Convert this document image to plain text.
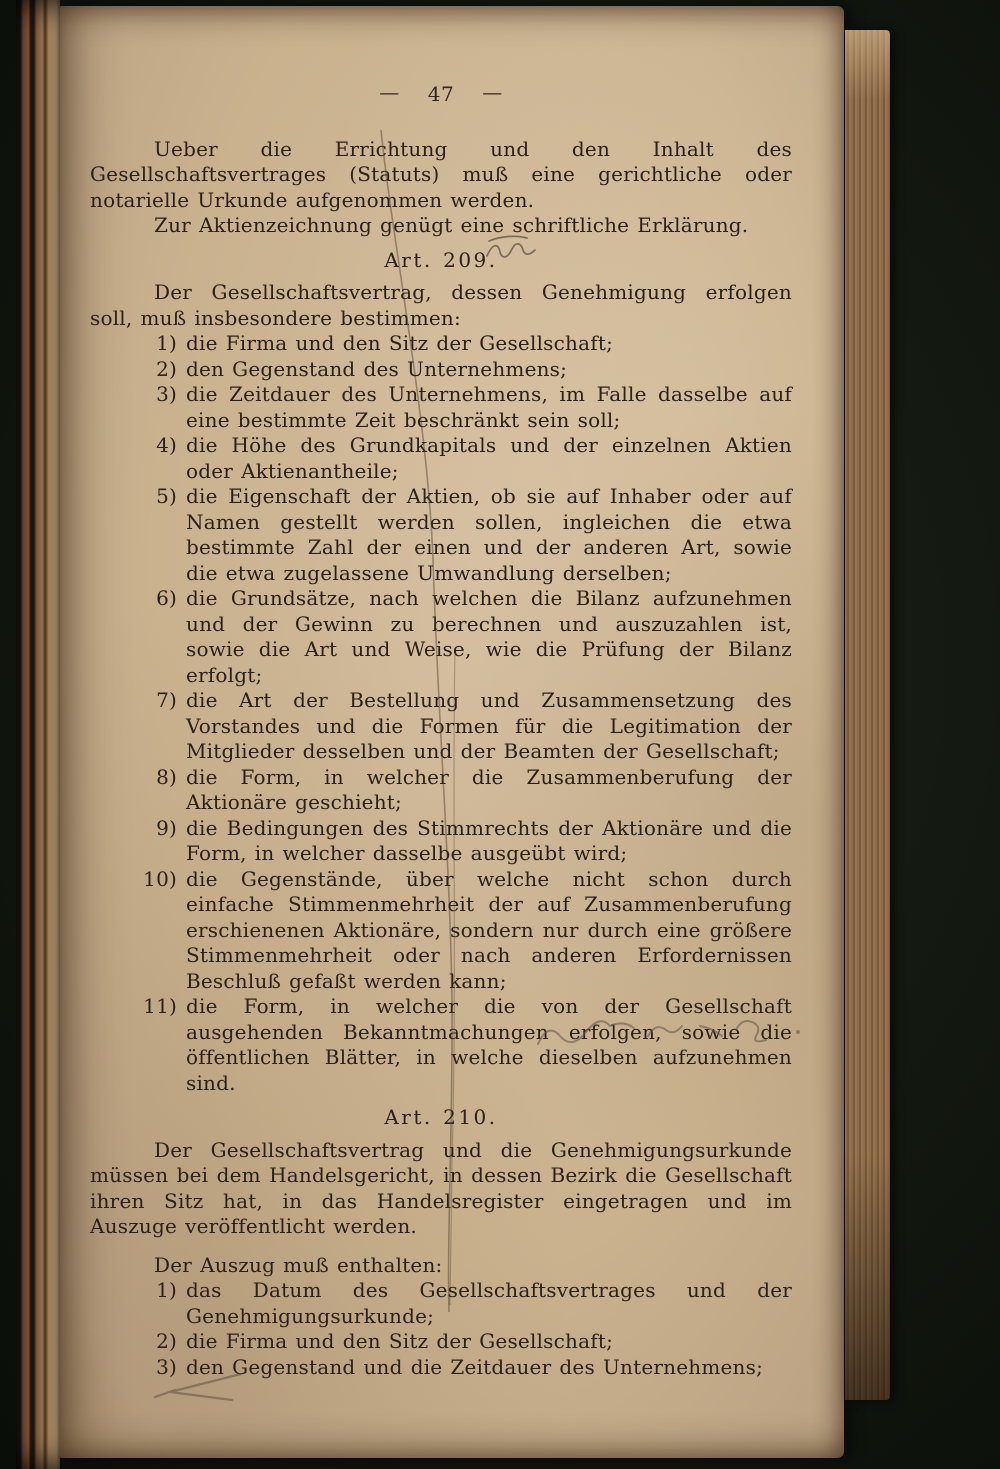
— 47 —

Ueber die Errichtung und den Inhalt des Gesellschaftsvertrages (Statuts) muß eine gerichtliche oder notarielle Urkunde aufgenommen werden.

Zur Aktienzeichnung genügt eine schriftliche Erklärung.

Art. 209.

Der Gesellschaftsvertrag, dessen Genehmigung erfolgen soll, muß insbesondere bestimmen:

1) die Firma und den Sitz der Gesellschaft;
2) den Gegenstand des Unternehmens;
3) die Zeitdauer des Unternehmens, im Falle dasselbe auf eine bestimmte Zeit beschränkt sein soll;
4) die Höhe des Grundkapitals und der einzelnen Aktien oder Aktienantheile;
5) die Eigenschaft der Aktien, ob sie auf Inhaber oder auf Namen gestellt werden sollen, ingleichen die etwa bestimmte Zahl der einen und der anderen Art, sowie die etwa zugelassene Umwandlung derselben;
6) die Grundsätze, nach welchen die Bilanz aufzunehmen und der Gewinn zu berechnen und auszuzahlen ist, sowie die Art und Weise, wie die Prüfung der Bilanz erfolgt;
7) die Art der Bestellung und Zusammensetzung des Vorstandes und die Formen für die Legitimation der Mitglieder desselben und der Beamten der Gesellschaft;
8) die Form, in welcher die Zusammenberufung der Aktionäre geschieht;
9) die Bedingungen des Stimmrechts der Aktionäre und die Form, in welcher dasselbe ausgeübt wird;
10) die Gegenstände, über welche nicht schon durch einfache Stimmenmehrheit der auf Zusammenberufung erschienenen Aktionäre, sondern nur durch eine größere Stimmenmehrheit oder nach anderen Erfordernissen Beschluß gefaßt werden kann;
11) die Form, in welcher die von der Gesellschaft ausgehenden Bekanntmachungen erfolgen, sowie die öffentlichen Blätter, in welche dieselben aufzunehmen sind.
Art. 210.

Der Gesellschaftsvertrag und die Genehmigungsurkunde müssen bei dem Handelsgericht, in dessen Bezirk die Gesellschaft ihren Sitz hat, in das Handelsregister eingetragen und im Auszuge veröffentlicht werden.

Der Auszug muß enthalten:

1) das Datum des Gesellschaftsvertrages und der Genehmigungsurkunde;
2) die Firma und den Sitz der Gesellschaft;
3) den Gegenstand und die Zeitdauer des Unternehmens;
